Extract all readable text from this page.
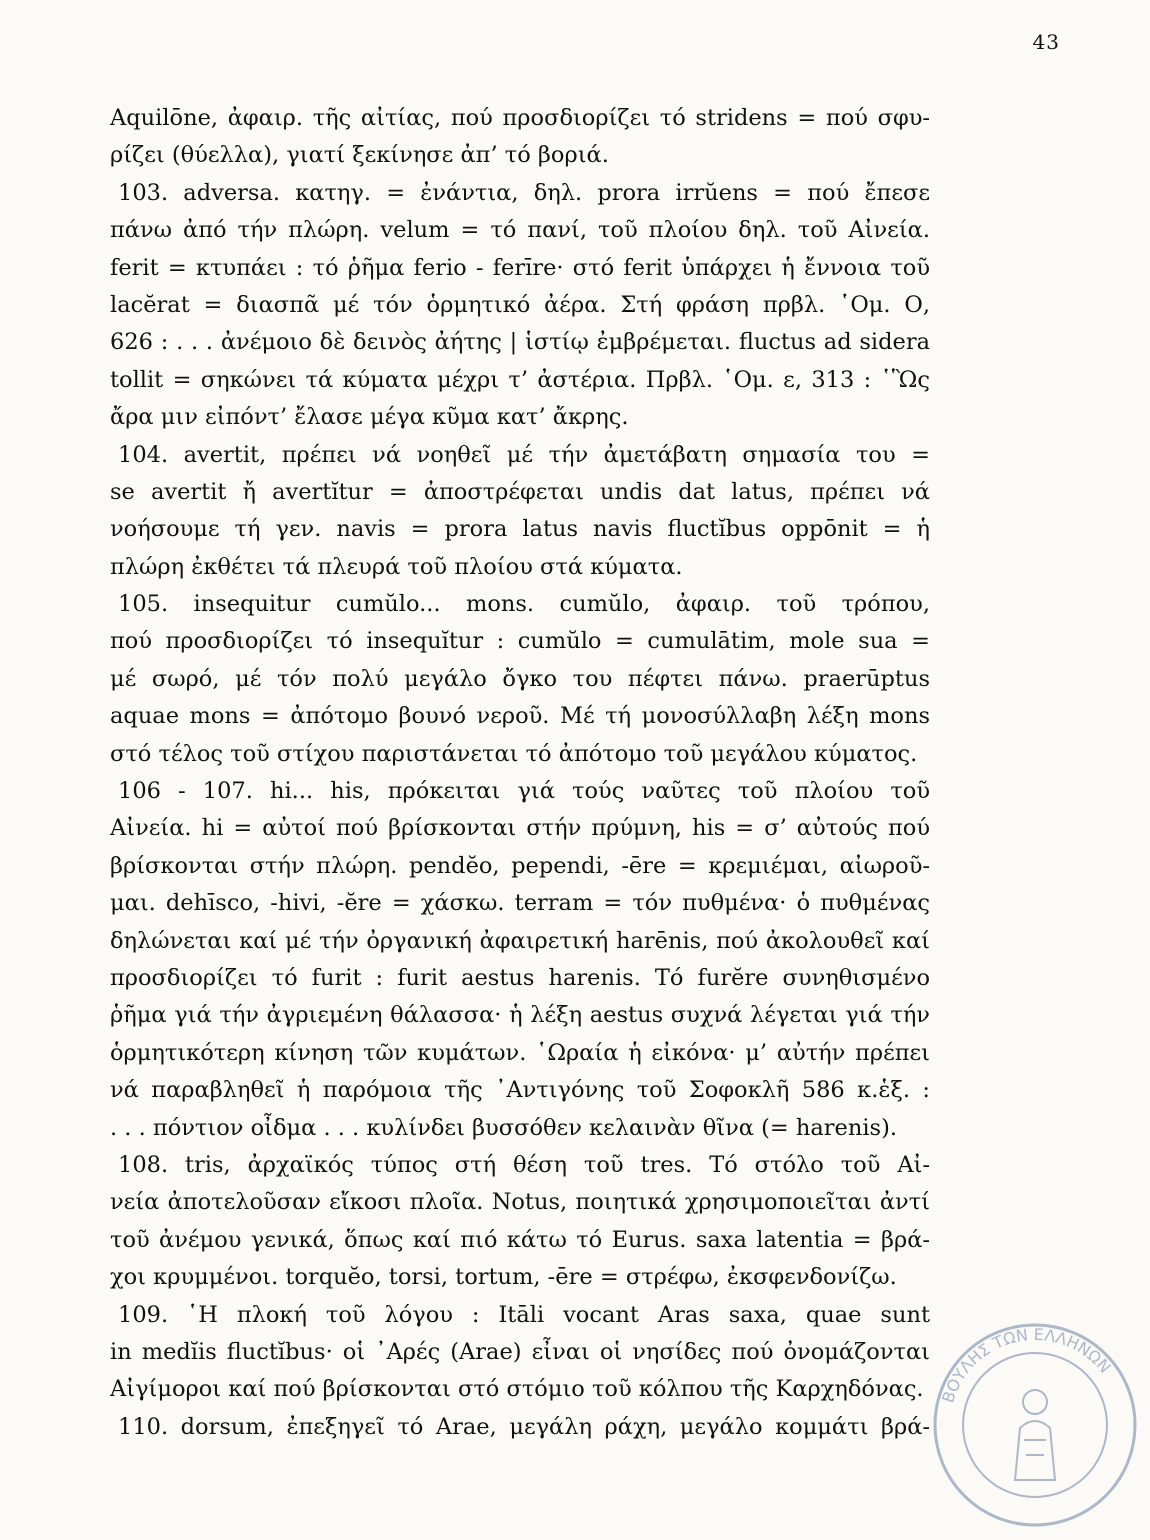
43
Aquilōne, ἀφαιρ. τῆς αἰτίας, πού προσδιορίζει τό stridens = πού σφυ-
ρίζει (θύελλα), γιατί ξεκίνησε ἀπ’ τό βοριά.
103. adversa. κατηγ. = ἐνάντια, δηλ. prora irrŭens = πού ἔπεσε
πάνω ἀπό τήν πλώρη. velum = τό πανί, τοῦ πλοίου δηλ. τοῦ Αἰνεία.
ferit = κτυπάει : τό ῥῆμα ferio - ferīre· στό ferit ὑπάρχει ἡ ἔννοια τοῦ
lacĕrat = διασπᾶ μέ τόν ὁρμητικό ἀέρα. Στή φράση πρβλ. ῾Ομ. Ο,
626 : . . . ἀνέμοιο δὲ δεινὸς ἀήτης | ἱστίῳ ἐμβρέμεται. fluctus ad sidera
tollit = σηκώνει τά κύματα μέχρι τ’ ἀστέρια. Πρβλ. ῾Ομ. ε, 313 : ῾Ὣς
ἄρα μιν εἰπόντ’ ἔλασε μέγα κῦμα κατ’ ἄκρης.
104. avertit, πρέπει νά νοηθεῖ μέ τήν ἀμετάβατη σημασία του =
se avertit ἤ avertĭtur = ἀποστρέφεται undis dat latus, πρέπει νά
νοήσουμε τή γεν. navis = prora latus navis fluctĭbus oppōnit = ἡ
πλώρη ἐκθέτει τά πλευρά τοῦ πλοίου στά κύματα.
105. insequitur cumŭlo... mons. cumŭlo, ἀφαιρ. τοῦ τρόπου,
πού προσδιορίζει τό insequĭtur : cumŭlo = cumulātim, mole sua =
μέ σωρό, μέ τόν πολύ μεγάλο ὄγκο του πέφτει πάνω. praerūptus
aquae mons = ἀπότομο βουνό νεροῦ. Μέ τή μονοσύλλαβη λέξη mons
στό τέλος τοῦ στίχου παριστάνεται τό ἀπότομο τοῦ μεγάλου κύματος.
106 - 107. hi... his, πρόκειται γιά τούς ναῦτες τοῦ πλοίου τοῦ
Αἰνεία. hi = αὐτοί πού βρίσκονται στήν πρύμνη, his = σ’ αὐτούς πού
βρίσκονται στήν πλώρη. pendĕo, pependi, -ēre = κρεμιέμαι, αἰωροῦ-
μαι. dehīsco, -hivi, -ĕre = χάσκω. terram = τόν πυθμένα· ὁ πυθμένας
δηλώνεται καί μέ τήν ὀργανική ἀφαιρετική harēnis, πού ἀκολουθεῖ καί
προσδιορίζει τό furit : furit aestus harenis. Τό furĕre συνηθισμένο
ῥῆμα γιά τήν ἀγριεμένη θάλασσα· ἡ λέξη aestus συχνά λέγεται γιά τήν
ὁρμητικότερη κίνηση τῶν κυμάτων. ῾Ωραία ἡ εἰκόνα· μ’ αὐτήν πρέπει
νά παραβληθεῖ ἡ παρόμοια τῆς ᾿Αντιγόνης τοῦ Σοφοκλῆ 586 κ.ἑξ. :
. . . πόντιον οἶδμα . . . κυλίνδει βυσσόθεν κελαινὰν θῖνα (= harenis).
108. tris, ἀρχαϊκός τύπος στή θέση τοῦ tres. Τό στόλο τοῦ Αἰ-
νεία ἀποτελοῦσαν εἴκοσι πλοῖα. Notus, ποιητικά χρησιμοποιεῖται ἀντί
τοῦ ἀνέμου γενικά, ὅπως καί πιό κάτω τό Eurus. saxa latentia = βρά-
χοι κρυμμένοι. torquĕo, torsi, tortum, -ēre = στρέφω, ἐκσφενδονίζω.
109. ῾Η πλοκή τοῦ λόγου : Itāli vocant Aras saxa, quae sunt
in medĭis fluctĭbus· οἱ ᾿Αρές (Arae) εἶναι οἱ νησίδες πού ὀνομάζονται
Αἰγίμοροι καί πού βρίσκονται στό στόμιο τοῦ κόλπου τῆς Καρχηδόνας.
110. dorsum, ἐπεξηγεῖ τό Arae, μεγάλη ράχη, μεγάλο κομμάτι βρά-
ΒΟΥΛΗΣ ΤΩΝ ΕΛΛΗΝΩΝ
